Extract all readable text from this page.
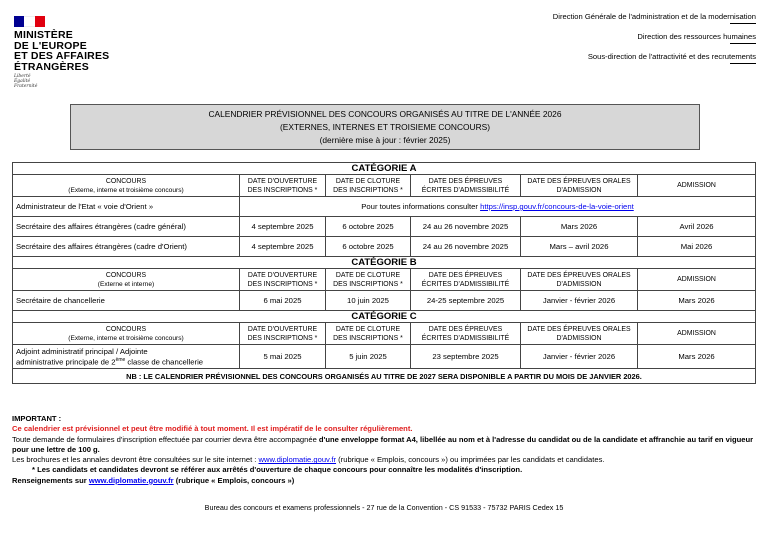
MINISTÈRE
DE L'EUROPE
ET DES AFFAIRES
ÉTRANGÈRES
Liberté
Égalité
Fraternité
Direction Générale de l'administration et de la modernisation
Direction des ressources humaines
Sous-direction de l'attractivité et des recrutements
CALENDRIER PRÉVISIONNEL DES CONCOURS ORGANISÉS AU TITRE DE L'ANNÉE 2026
(EXTERNES, INTERNES ET TROISIEME CONCOURS)
(dernière mise à jour : février 2025)
CATÉGORIE A					

CONCOURS
(Externe, interne et troisième concours)	DATE D'OUVERTURE DES INSCRIPTIONS *	DATE DE CLOTURE DES INSCRIPTIONS *	DATE DES ÉPREUVES ÉCRITES D'ADMISSIBILITÉ	DATE DES ÉPREUVES ORALES D'ADMISSION	ADMISSION
Administrateur de l'Etat « voie d'Orient »	Pour toutes informations consulter https://insp.gouv.fr/concours-de-la-voie-orient				
Secrétaire des affaires étrangères (cadre général)	4 septembre 2025	6 octobre 2025	24 au 26 novembre 2025	Mars 2026	Avril 2026
Secrétaire des affaires étrangères (cadre d'Orient)	4 septembre 2025	6 octobre 2025	24 au 26 novembre 2025	Mars – avril 2026	Mai 2026
CATÉGORIE B					

CONCOURS
(Externe et interne)	DATE D'OUVERTURE DES INSCRIPTIONS *	DATE DE CLOTURE DES INSCRIPTIONS *	DATE DES ÉPREUVES ÉCRITES D'ADMISSIBILITÉ	DATE DES ÉPREUVES ORALES D'ADMISSION	ADMISSION
Secrétaire de chancellerie	6 mai 2025	10 juin 2025	24-25 septembre 2025	Janvier - février 2026	Mars 2026
CATÉGORIE C					

CONCOURS
(Externe, interne et troisième concours)	DATE D'OUVERTURE DES INSCRIPTIONS *	DATE DE CLOTURE DES INSCRIPTIONS *	DATE DES ÉPREUVES ÉCRITES D'ADMISSIBILITÉ	DATE DES ÉPREUVES ORALES D'ADMISSION	ADMISSION

Adjoint administratif principal / Adjointe
administrative principale de 2ème classe de chancellerie	5 mai 2025	5 juin 2025	23 septembre 2025	Janvier - février 2026	Mars 2026
NB : LE CALENDRIER PRÉVISIONNEL DES CONCOURS ORGANISÉS AU TITRE DE 2027 SERA DISPONIBLE A PARTIR DU MOIS DE JANVIER 2026.					

IMPORTANT :

Ce calendrier est prévisionnel et peut être modifié à tout moment. Il est impératif de le consulter régulièrement.

Toute demande de formulaires d'inscription effectuée par courrier devra être accompagnée d'une enveloppe format A4, libellée au nom et à l'adresse du candidat ou de la candidate et affranchie au tarif en vigueur pour une lettre de 100 g.

Les brochures et les annales devront être consultées sur le site internet : www.diplomatie.gouv.fr (rubrique « Emplois, concours ») ou imprimées par les candidats et candidates.

* Les candidats et candidates devront se référer aux arrêtés d'ouverture de chaque concours pour connaître les modalités d'inscription.

Renseignements sur www.diplomatie.gouv.fr (rubrique « Emplois, concours »)

Bureau des concours et examens professionnels - 27 rue de la Convention - CS 91533 - 75732 PARIS Cedex 15
